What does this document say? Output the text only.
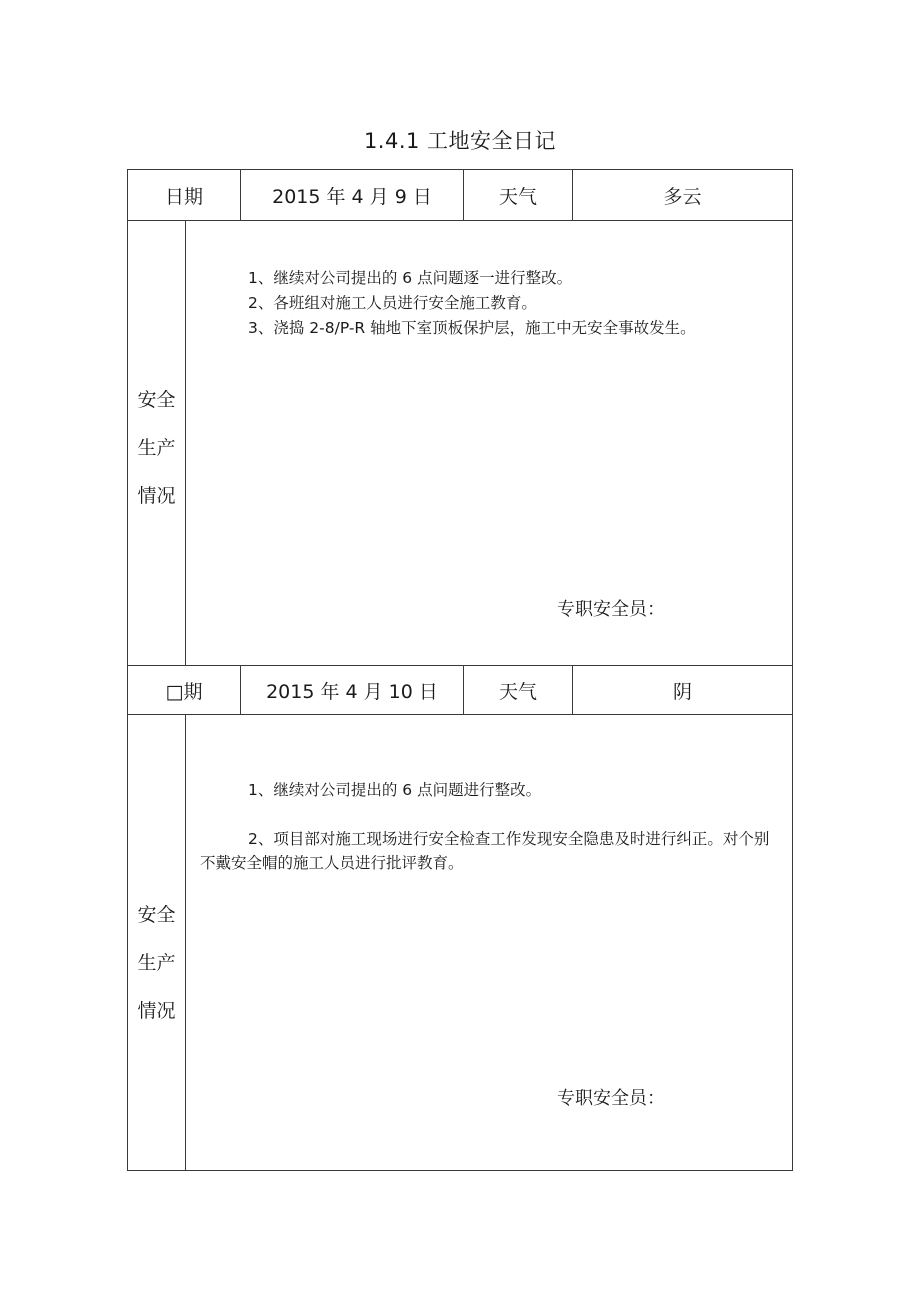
1.4.1 工地安全日记
日期	2015 年 4 月 9 日	天气	多云
安全
生产
情况

1、继续对公司提出的 6 点问题逐一进行整改。

2、各班组对施工人员进行安全施工教育。

3、浇捣 2-8/P-R 轴地下室顶板保护层，施工中无安全事故发生。

专职安全员：
□期	2015 年 4 月 10 日	天气	阴
安全
生产
情况

1、继续对公司提出的 6 点问题进行整改。

2、项目部对施工现场进行安全检查工作发现安全隐患及时进行纠正。对个别不戴安全帽的施工人员进行批评教育。

专职安全员：
